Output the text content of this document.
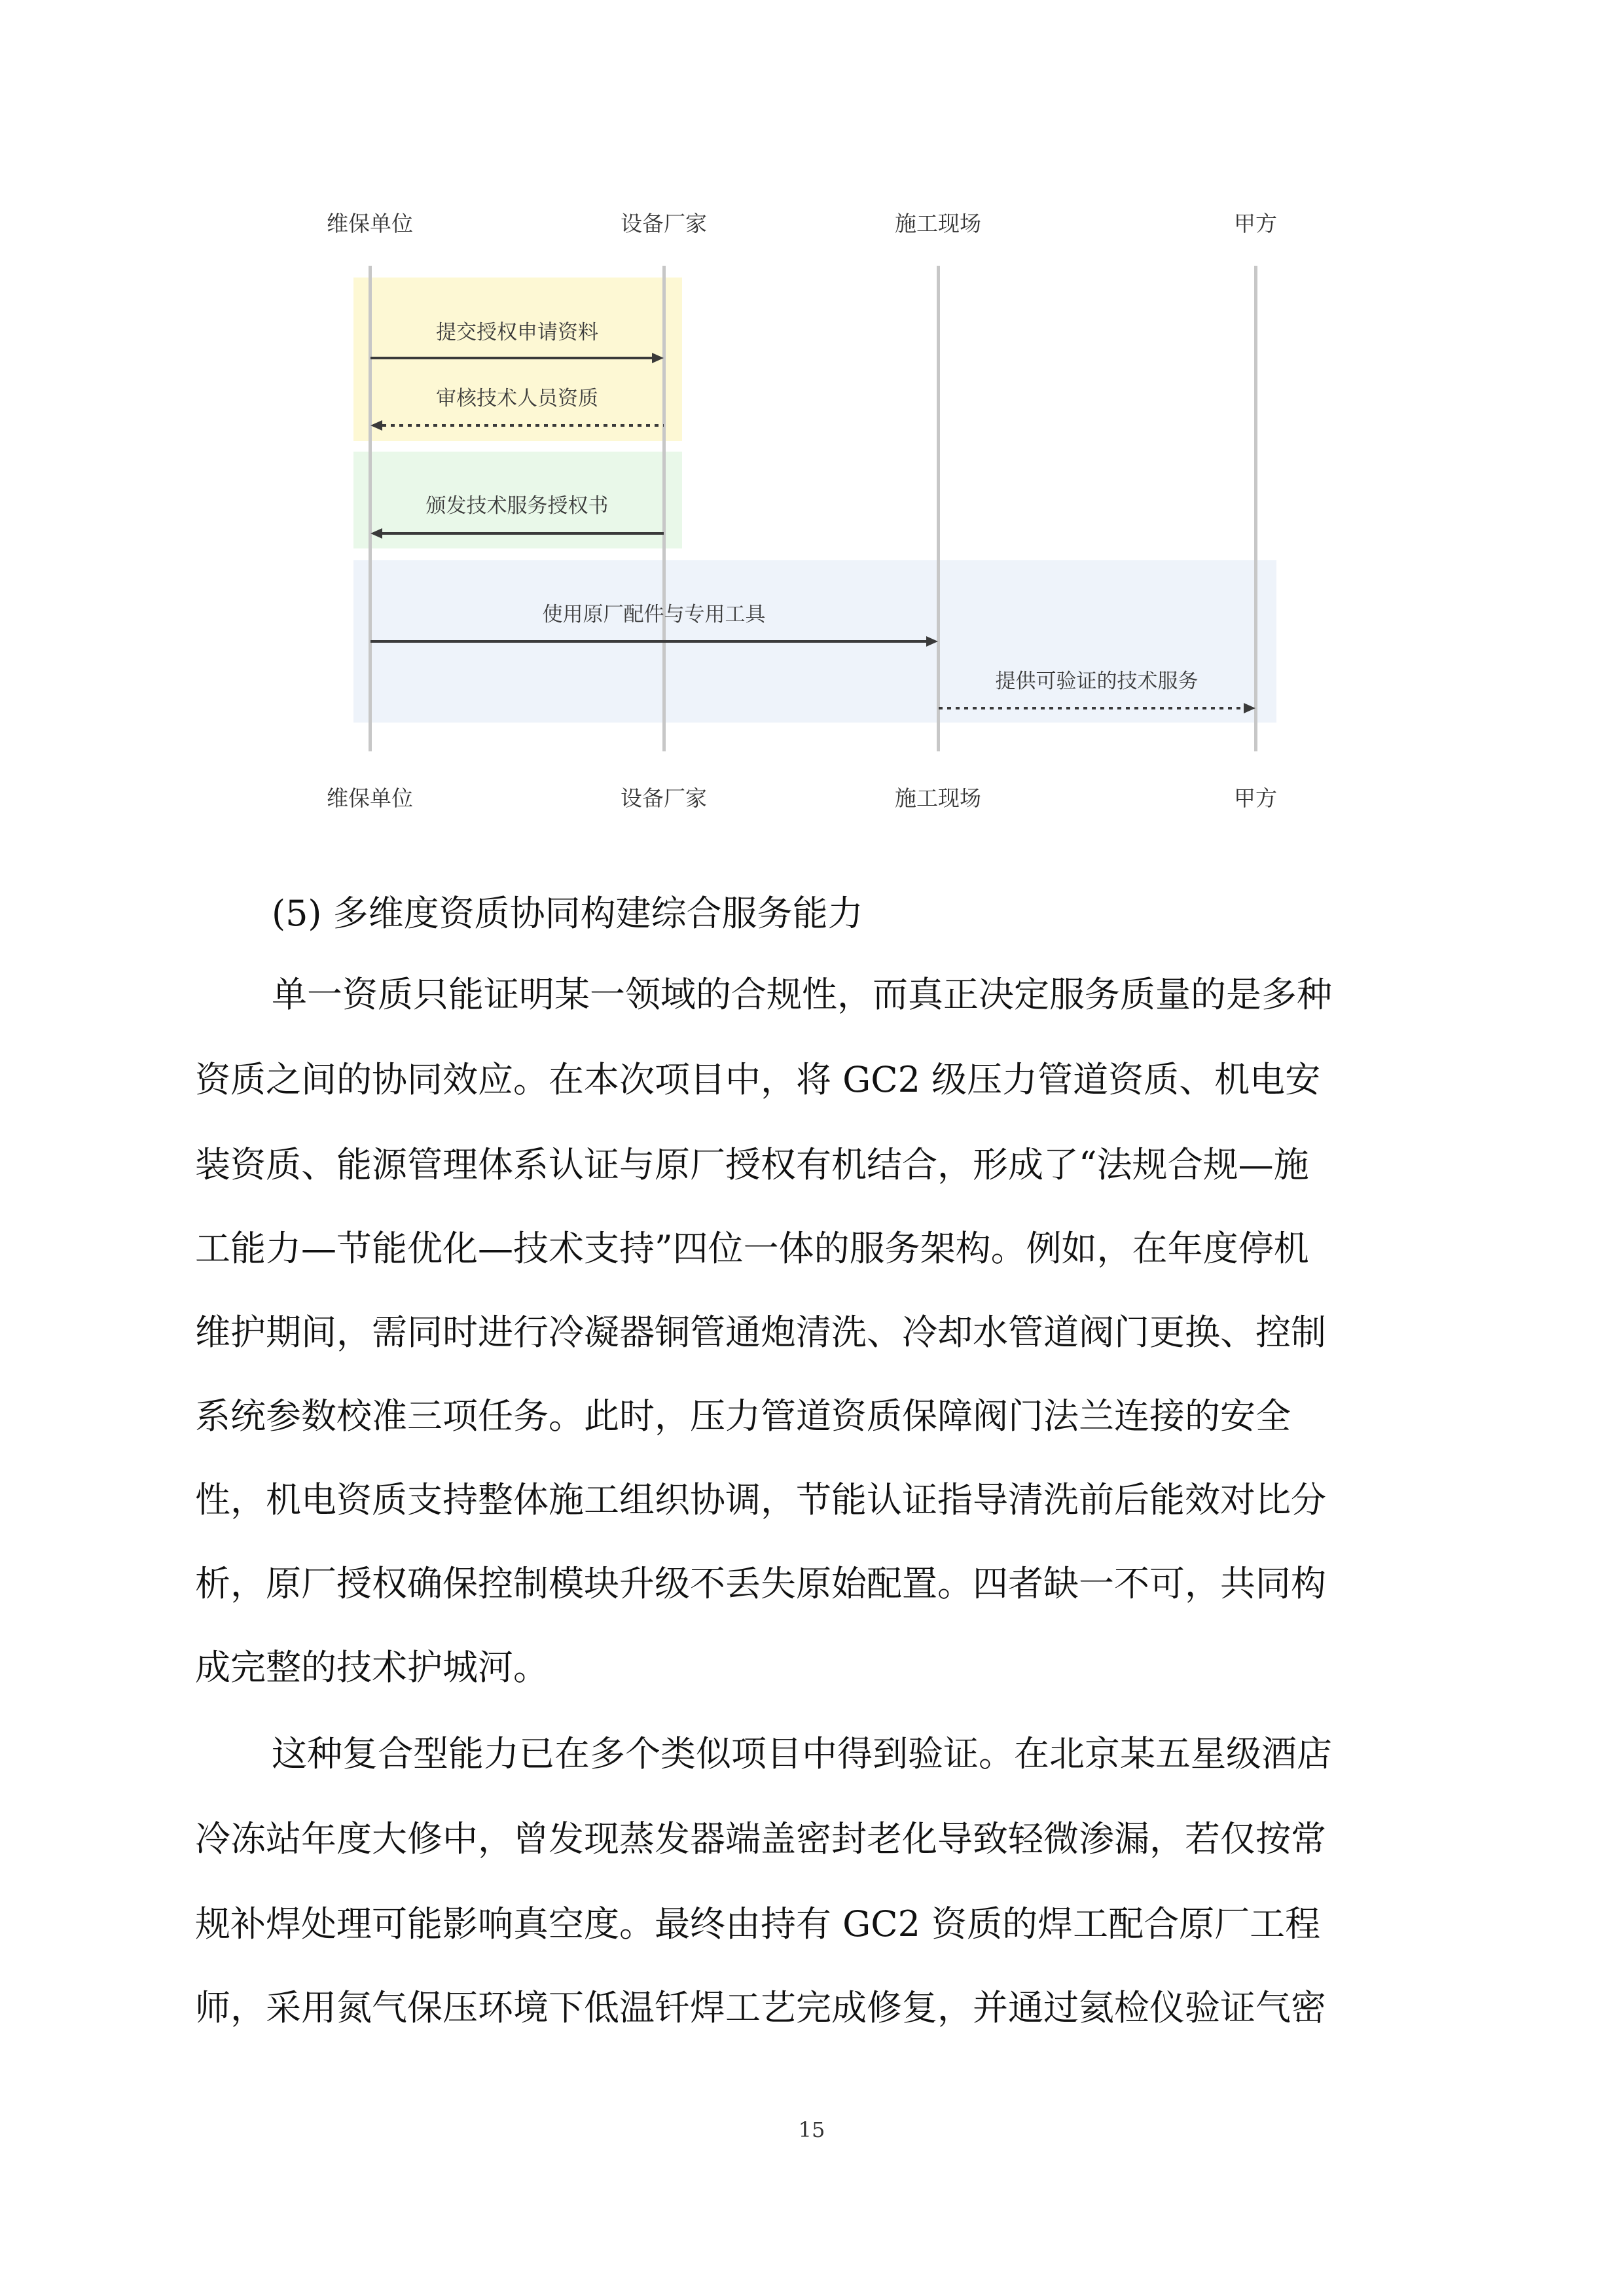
维保单位	设备厂家	施工现场	甲方
维保单位	设备厂家	施工现场	甲方
提交授权申请资料
审核技术人员资质
颁发技术服务授权书
使用原厂配件与专用工具
提供可验证的技术服务
(5) 多维度资质协同构建综合服务能力
单一资质只能证明某一领域的合规性，而真正决定服务质量的是多种
资质之间的协同效应。在本次项目中，将 GC2 级压力管道资质、机电安
装资质、能源管理体系认证与原厂授权有机结合，形成了“法规合规—施
工能力—节能优化—技术支持”四位一体的服务架构。例如，在年度停机
维护期间，需同时进行冷凝器铜管通炮清洗、冷却水管道阀门更换、控制
系统参数校准三项任务。此时，压力管道资质保障阀门法兰连接的安全
性，机电资质支持整体施工组织协调，节能认证指导清洗前后能效对比分
析，原厂授权确保控制模块升级不丢失原始配置。四者缺一不可，共同构
成完整的技术护城河。
这种复合型能力已在多个类似项目中得到验证。在北京某五星级酒店
冷冻站年度大修中，曾发现蒸发器端盖密封老化导致轻微渗漏，若仅按常
规补焊处理可能影响真空度。最终由持有 GC2 资质的焊工配合原厂工程
师，采用氮气保压环境下低温钎焊工艺完成修复，并通过氦检仪验证气密
15
